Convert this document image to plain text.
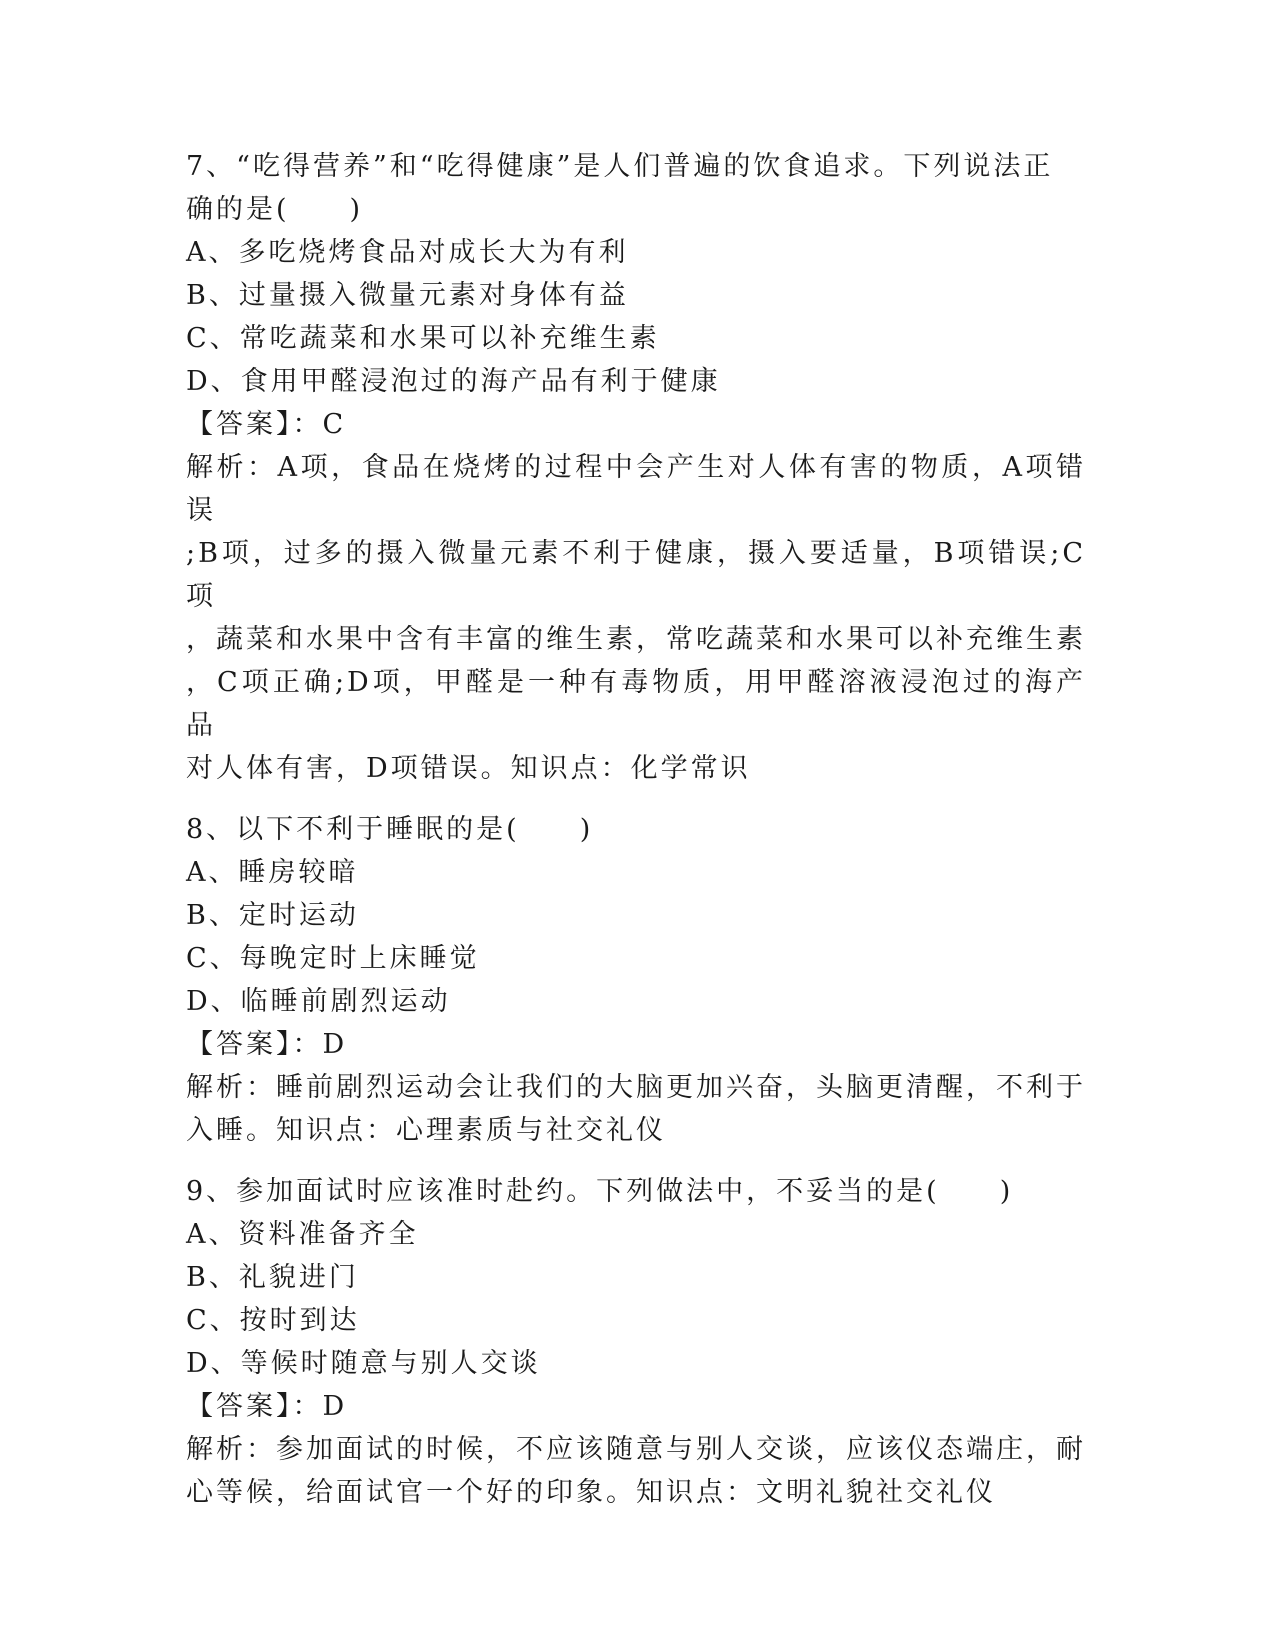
7、“吃得营养”和“吃得健康”是人们普遍的饮食追求。下列说法正

确的是(　　)

A、多吃烧烤食品对成长大为有利

B、过量摄入微量元素对身体有益

C、常吃蔬菜和水果可以补充维生素

D、食用甲醛浸泡过的海产品有利于健康

【答案】：C

解析：A项，食品在烧烤的过程中会产生对人体有害的物质，A项错误

;B项，过多的摄入微量元素不利于健康，摄入要适量，B项错误;C项

，蔬菜和水果中含有丰富的维生素，常吃蔬菜和水果可以补充维生素

，C项正确;D项，甲醛是一种有毒物质，用甲醛溶液浸泡过的海产品

对人体有害，D项错误。知识点：化学常识

8、以下不利于睡眠的是(　　)

A、睡房较暗

B、定时运动

C、每晚定时上床睡觉

D、临睡前剧烈运动

【答案】：D

解析：睡前剧烈运动会让我们的大脑更加兴奋，头脑更清醒，不利于

入睡。知识点：心理素质与社交礼仪

9、参加面试时应该准时赴约。下列做法中，不妥当的是(　　)

A、资料准备齐全

B、礼貌进门

C、按时到达

D、等候时随意与别人交谈

【答案】：D

解析：参加面试的时候，不应该随意与别人交谈，应该仪态端庄，耐

心等候，给面试官一个好的印象。知识点：文明礼貌社交礼仪
